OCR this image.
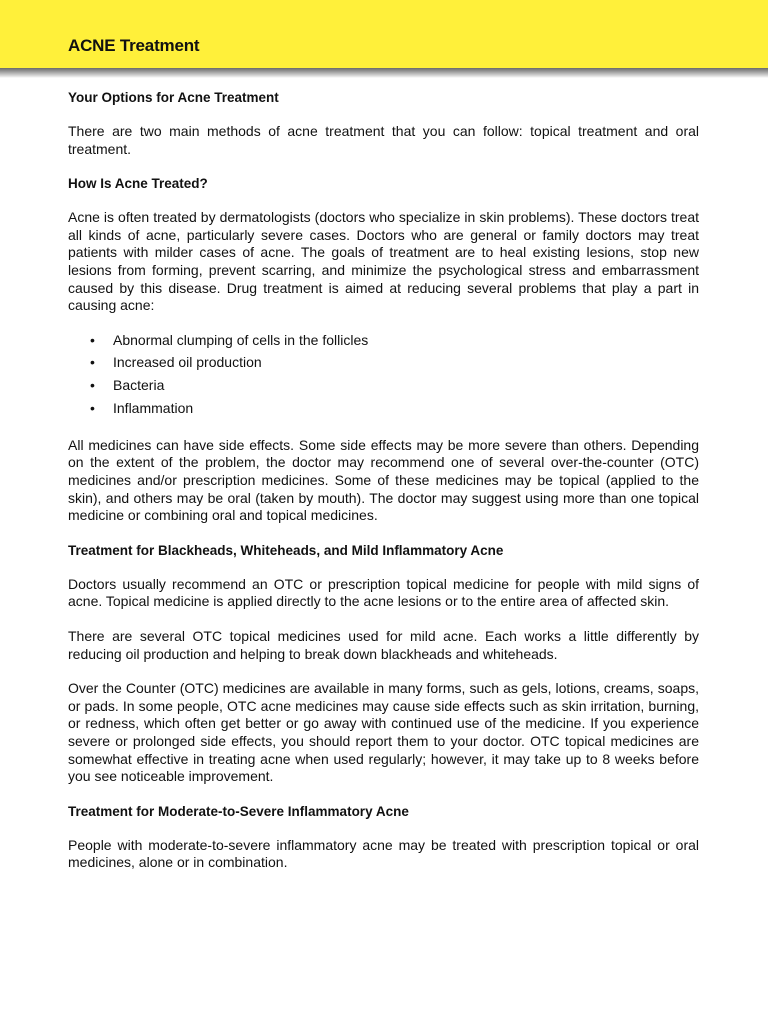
ACNE Treatment
Your Options for Acne Treatment

There are two main methods of acne treatment that you can follow: topical treatment and oral treatment.

How Is Acne Treated?

Acne is often treated by dermatologists (doctors who specialize in skin problems). These doctors treat all kinds of acne, particularly severe cases. Doctors who are general or family doctors may treat patients with milder cases of acne. The goals of treatment are to heal existing lesions, stop new lesions from forming, prevent scarring, and minimize the psychological stress and embarrassment caused by this disease. Drug treatment is aimed at reducing several problems that play a part in causing acne:

• Abnormal clumping of cells in the follicles
• Increased oil production
• Bacteria
• Inflammation

All medicines can have side effects. Some side effects may be more severe than others. Depending on the extent of the problem, the doctor may recommend one of several over-the-counter (OTC) medicines and/or prescription medicines. Some of these medicines may be topical (applied to the skin), and others may be oral (taken by mouth). The doctor may suggest using more than one topical medicine or combining oral and topical medicines.

Treatment for Blackheads, Whiteheads, and Mild Inflammatory Acne

Doctors usually recommend an OTC or prescription topical medicine for people with mild signs of acne. Topical medicine is applied directly to the acne lesions or to the entire area of affected skin.

There are several OTC topical medicines used for mild acne. Each works a little differently by reducing oil production and helping to break down blackheads and whiteheads.

Over the Counter (OTC) medicines are available in many forms, such as gels, lotions, creams, soaps, or pads. In some people, OTC acne medicines may cause side effects such as skin irritation, burning, or redness, which often get better or go away with continued use of the medicine. If you experience severe or prolonged side effects, you should report them to your doctor. OTC topical medicines are somewhat effective in treating acne when used regularly; however, it may take up to 8 weeks before you see noticeable improvement.

Treatment for Moderate-to-Severe Inflammatory Acne

People with moderate-to-severe inflammatory acne may be treated with prescription topical or oral medicines, alone or in combination.
